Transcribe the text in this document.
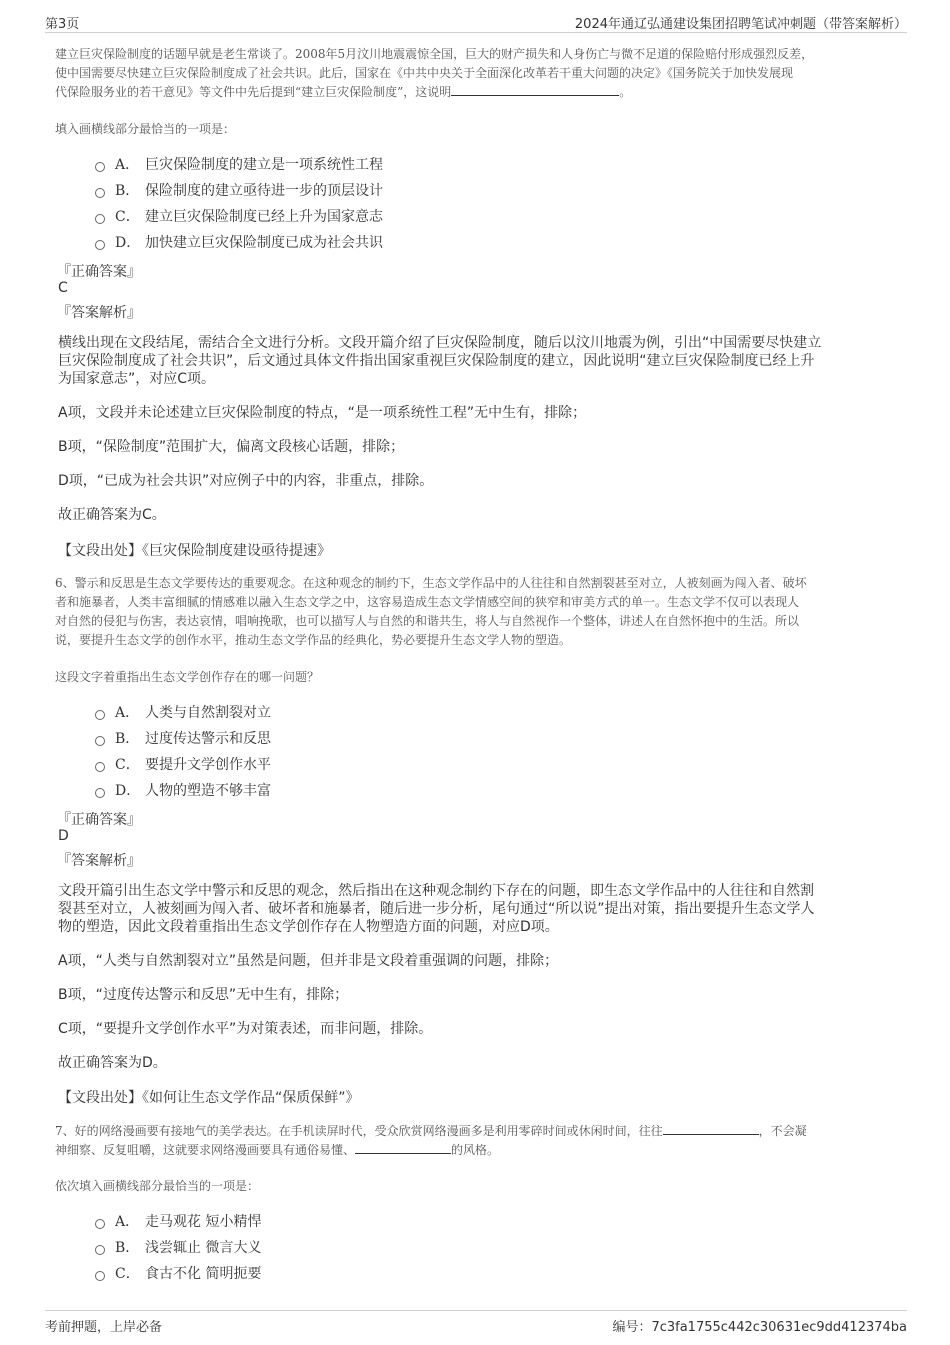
第3页	2024年通辽弘通建设集团招聘笔试冲刺题（带答案解析）
建立巨灾保险制度的话题早就是老生常谈了。2008年5月汶川地震震惊全国，巨大的财产损失和人身伤亡与微不足道的保险赔付形成强烈反差，
使中国需要尽快建立巨灾保险制度成了社会共识。此后，国家在《中共中央关于全面深化改革若干重大问题的决定》《国务院关于加快发展现
代保险服务业的若干意见》等文件中先后提到“建立巨灾保险制度”，这说明	。
填入画横线部分最恰当的一项是：
A． 巨灾保险制度的建立是一项系统性工程
B． 保险制度的建立亟待进一步的顶层设计
C． 建立巨灾保险制度已经上升为国家意志
D． 加快建立巨灾保险制度已成为社会共识
『正确答案』
C
『答案解析』
横线出现在文段结尾，需结合全文进行分析。文段开篇介绍了巨灾保险制度，随后以汶川地震为例，引出“中国需要尽快建立
巨灾保险制度成了社会共识”，后文通过具体文件指出国家重视巨灾保险制度的建立，因此说明“建立巨灾保险制度已经上升
为国家意志”，对应C项。
A项，文段并未论述建立巨灾保险制度的特点，“是一项系统性工程”无中生有，排除；
B项，“保险制度”范围扩大，偏离文段核心话题，排除；
D项，“已成为社会共识”对应例子中的内容，非重点，排除。
故正确答案为C。
【文段出处】《巨灾保险制度建设亟待提速》
6、警示和反思是生态文学要传达的重要观念。在这种观念的制约下，生态文学作品中的人往往和自然割裂甚至对立，人被刻画为闯入者、破坏
者和施暴者，人类丰富细腻的情感难以融入生态文学之中，这容易造成生态文学情感空间的狭窄和审美方式的单一。生态文学不仅可以表现人
对自然的侵犯与伤害，表达哀情，唱响挽歌，也可以描写人与自然的和谐共生，将人与自然视作一个整体，讲述人在自然怀抱中的生活。所以
说，要提升生态文学的创作水平，推动生态文学作品的经典化，势必要提升生态文学人物的塑造。
这段文字着重指出生态文学创作存在的哪一问题？
A． 人类与自然割裂对立
B． 过度传达警示和反思
C． 要提升文学创作水平
D． 人物的塑造不够丰富
『正确答案』
D
『答案解析』
文段开篇引出生态文学中警示和反思的观念，然后指出在这种观念制约下存在的问题，即生态文学作品中的人往往和自然割
裂甚至对立，人被刻画为闯入者、破坏者和施暴者，随后进一步分析，尾句通过“所以说”提出对策，指出要提升生态文学人
物的塑造，因此文段着重指出生态文学创作存在人物塑造方面的问题，对应D项。
A项，“人类与自然割裂对立”虽然是问题，但并非是文段着重强调的问题，排除；
B项，“过度传达警示和反思”无中生有，排除；
C项，“要提升文学创作水平”为对策表述，而非问题，排除。
故正确答案为D。
【文段出处】《如何让生态文学作品“保质保鲜”》
7、好的网络漫画要有接地气的美学表达。在手机读屏时代，受众欣赏网络漫画多是利用零碎时间或休闲时间，往往	，不会凝
神细察、反复咀嚼，这就要求网络漫画要具有通俗易懂、	的风格。
依次填入画横线部分最恰当的一项是：
A． 走马观花 短小精悍
B． 浅尝辄止 微言大义
C． 食古不化 简明扼要
考前押题，上岸必备	编号：7c3fa1755c442c30631ec9dd412374ba
